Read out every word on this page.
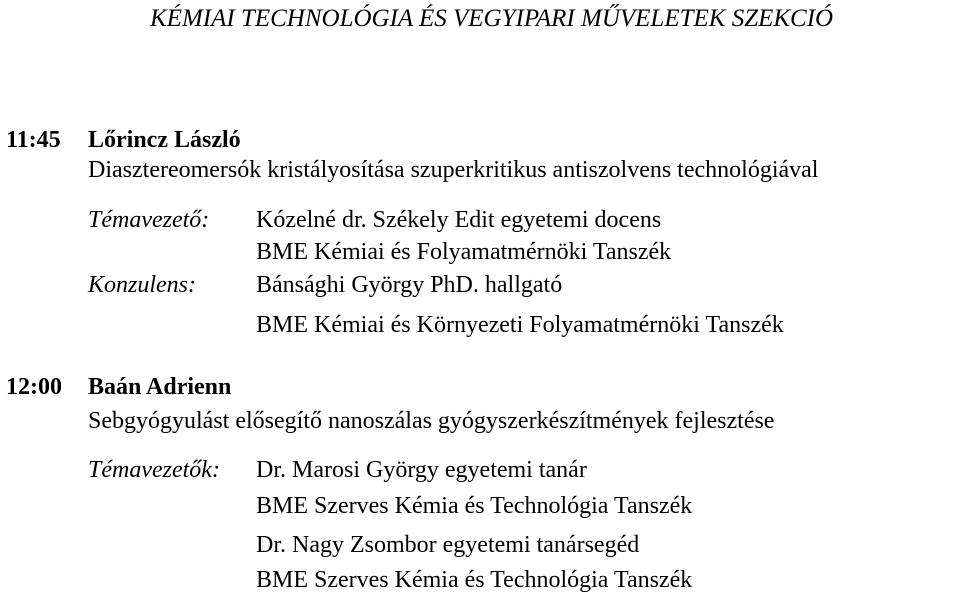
KÉMIAI TECHNOLÓGIA ÉS VEGYIPARI MŰVELETEK SZEKCIÓ
11:45 Lőrincz László
Diasztereomersók kristályosítása szuperkritikus antiszolvens technológiával
Témavezető: Kózelné dr. Székely Edit egyetemi docens
BME Kémiai és Folyamatmérnöki Tanszék
Konzulens:	Bánsághi György PhD. hallgató
BME Kémiai és Környezeti Folyamatmérnöki Tanszék
12:00 Baán Adrienn
Sebgyógyulást elősegítő nanoszálas gyógyszerkészítmények fejlesztése
Témavezetők: Dr. Marosi György egyetemi tanár
BME Szerves Kémia és Technológia Tanszék
Dr. Nagy Zsombor egyetemi tanársegéd
BME Szerves Kémia és Technológia Tanszék
